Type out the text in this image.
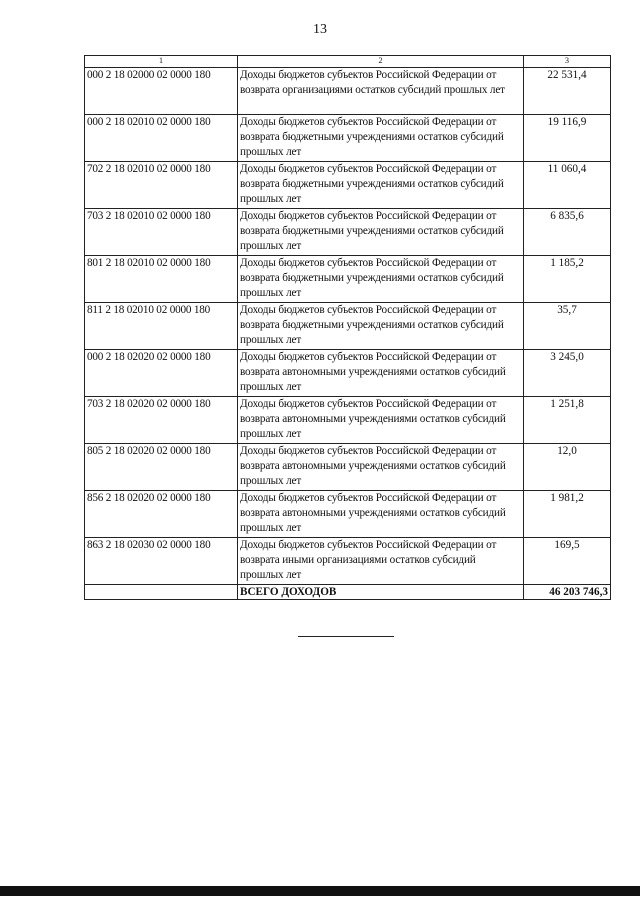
13
1	2	3
000 2 18 02000 02 0000 180	Доходы бюджетов субъектов Российской Федерации от возврата организациями остатков субсидий прошлых лет	22 531,4
000 2 18 02010 02 0000 180	Доходы бюджетов субъектов Российской Федерации от возврата бюджетными учреждениями остатков субсидий прошлых лет	19 116,9
702 2 18 02010 02 0000 180	Доходы бюджетов субъектов Российской Федерации от возврата бюджетными учреждениями остатков субсидий прошлых лет	11 060,4
703 2 18 02010 02 0000 180	Доходы бюджетов субъектов Российской Федерации от возврата бюджетными учреждениями остатков субсидий прошлых лет	6 835,6
801 2 18 02010 02 0000 180	Доходы бюджетов субъектов Российской Федерации от возврата бюджетными учреждениями остатков субсидий прошлых лет	1 185,2
811 2 18 02010 02 0000 180	Доходы бюджетов субъектов Российской Федерации от возврата бюджетными учреждениями остатков субсидий прошлых лет	35,7
000 2 18 02020 02 0000 180	Доходы бюджетов субъектов Российской Федерации от возврата автономными учреждениями остатков субсидий прошлых лет	3 245,0
703 2 18 02020 02 0000 180	Доходы бюджетов субъектов Российской Федерации от возврата автономными учреждениями остатков субсидий прошлых лет	1 251,8
805 2 18 02020 02 0000 180	Доходы бюджетов субъектов Российской Федерации от возврата автономными учреждениями остатков субсидий прошлых лет	12,0
856 2 18 02020 02 0000 180	Доходы бюджетов субъектов Российской Федерации от возврата автономными учреждениями остатков субсидий прошлых лет	1 981,2
863 2 18 02030 02 0000 180	Доходы бюджетов субъектов Российской Федерации от возврата иными организациями остатков субсидий прошлых лет	169,5
	ВСЕГО ДОХОДОВ	46 203 746,3
